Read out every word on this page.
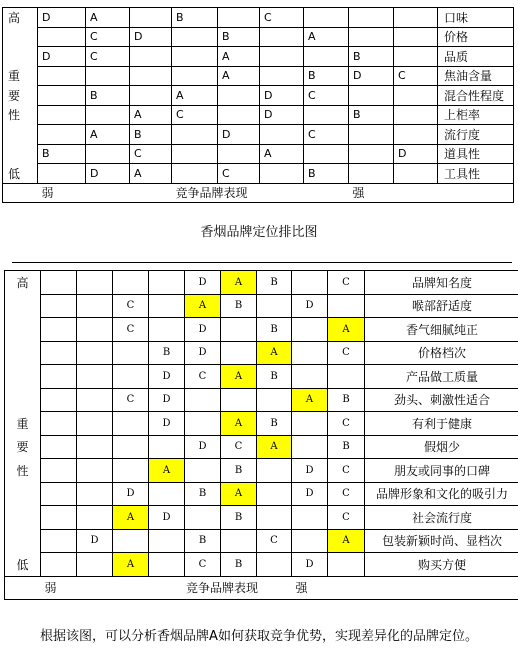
高	D	A		B		C				口味
		C	D		B		A			价格
	D	C			A			B		品质
重					A		B	D	C	焦油含量
要		B		A		D	C			混合性程度
性			A	C		D		B		上柜率
		A	B		D		C			流行度
	B		C			A			D	道具性
低		D	A		C		B			工具性
	弱			竞争品牌表现				强		
香烟品牌定位排比图
高					D	A	B		C	品牌知名度
			C		A	B		D		喉部舒适度
			C		D		B		A	香气细腻纯正
				B	D		A		C	价格档次
				D	C	A	B			产品做工质量
			C	D				A	B	劲头、刺激性适合
重				D		A	B		C	有利于健康
要					D	C	A		B	假烟少
性				A		B		D	C	朋友或同事的口碑
			D		B	A		D	C	品牌形象和文化的吸引力
			A	D		B			C	社会流行度
		D			B		C		A	包装新颖时尚、显档次
低			A		C	B		D		购买方便
	弱			竞争品牌表现				强		
根据该图，可以分析香烟品牌A如何获取竞争优势，实现差异化的品牌定位。
